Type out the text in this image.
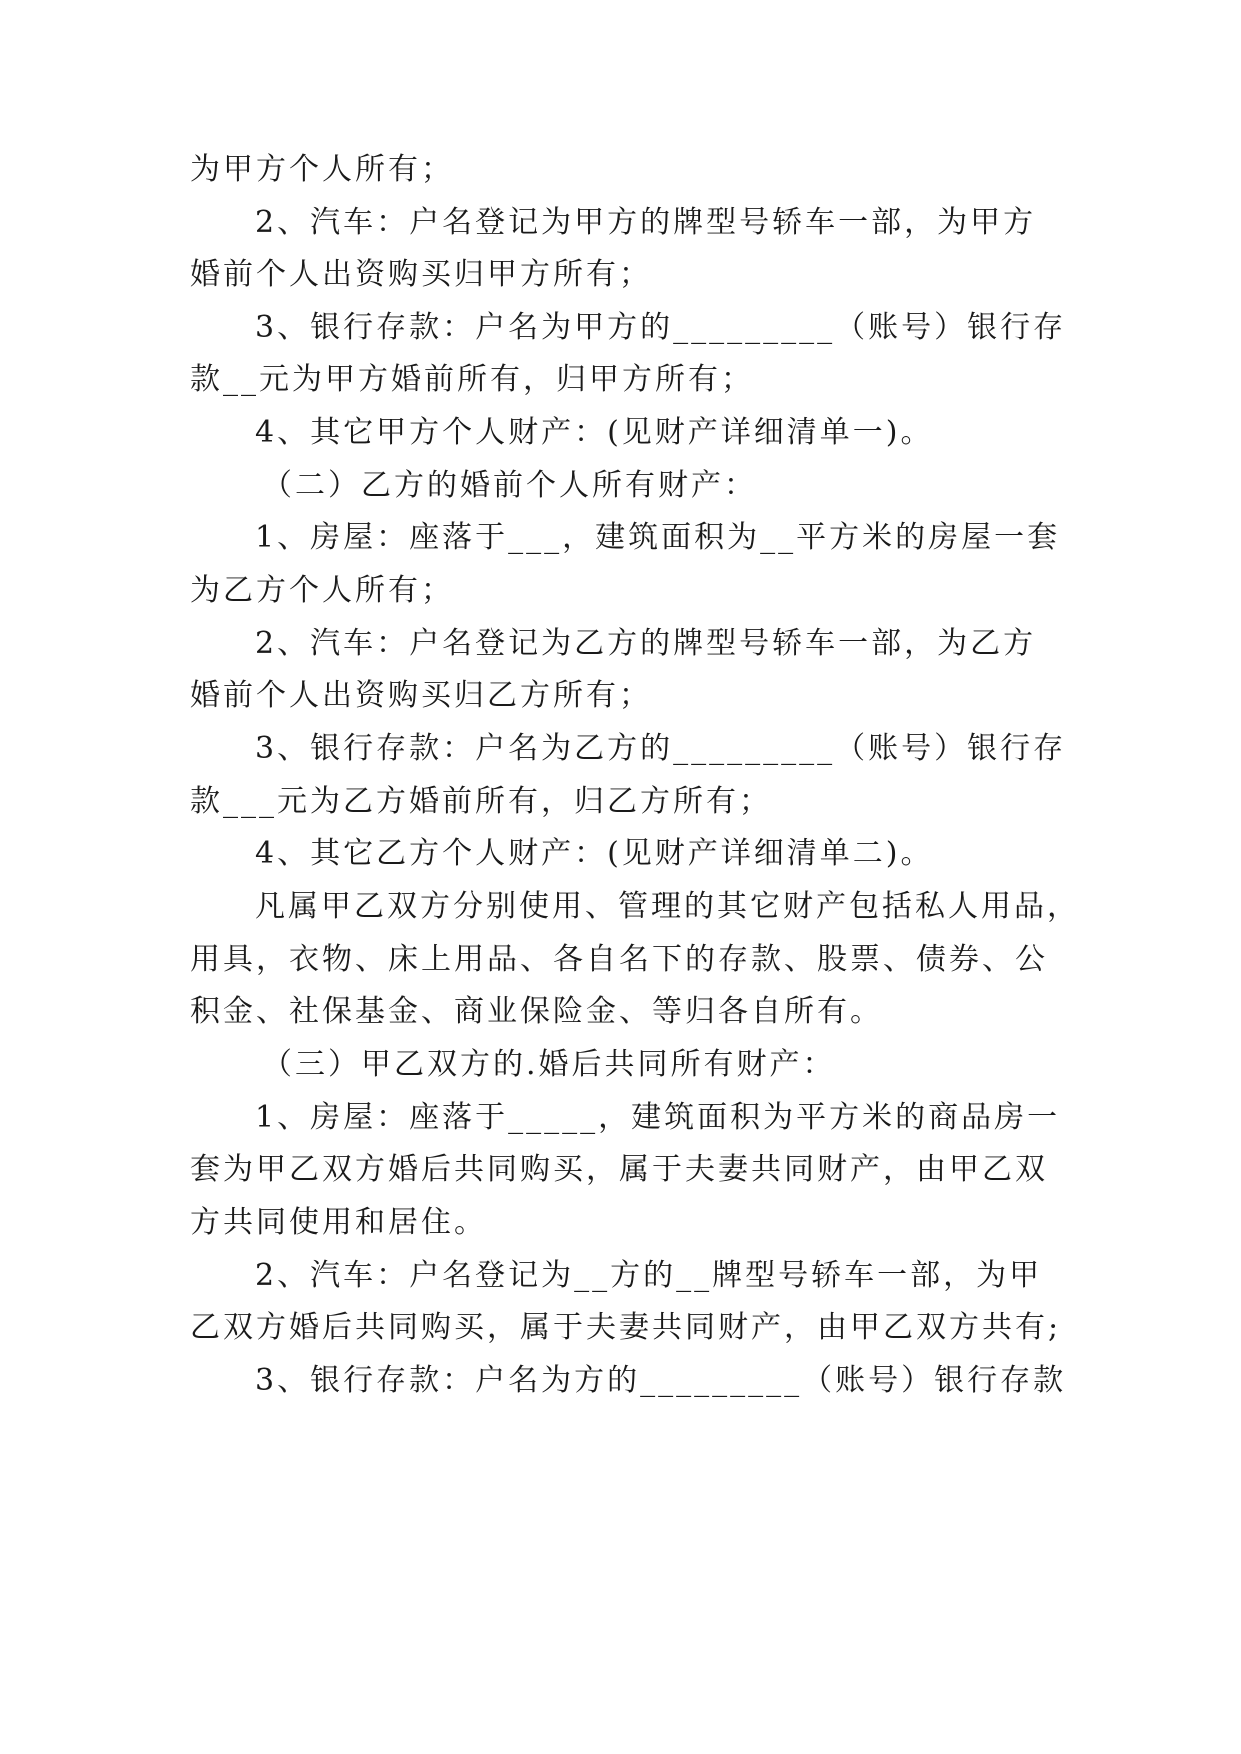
为甲方个人所有；
2、汽车：户名登记为甲方的牌型号轿车一部，为甲方
婚前个人出资购买归甲方所有；
3、银行存款：户名为甲方的_________（账号）银行存
款__元为甲方婚前所有，归甲方所有；
4、其它甲方个人财产：(见财产详细清单一)。
（二）乙方的婚前个人所有财产：
1、房屋：座落于___，建筑面积为__平方米的房屋一套
为乙方个人所有；
2、汽车：户名登记为乙方的牌型号轿车一部，为乙方
婚前个人出资购买归乙方所有；
3、银行存款：户名为乙方的_________（账号）银行存
款___元为乙方婚前所有，归乙方所有；
4、其它乙方个人财产：(见财产详细清单二)。
凡属甲乙双方分别使用、管理的其它财产包括私人用品，
用具，衣物、床上用品、各自名下的存款、股票、债券、公
积金、社保基金、商业保险金、等归各自所有。
（三）甲乙双方的.婚后共同所有财产：
1、房屋：座落于_____，建筑面积为平方米的商品房一
套为甲乙双方婚后共同购买，属于夫妻共同财产，由甲乙双
方共同使用和居住。
2、汽车：户名登记为__方的__牌型号轿车一部，为甲
乙双方婚后共同购买，属于夫妻共同财产，由甲乙双方共有;
3、银行存款：户名为方的_________（账号）银行存款
